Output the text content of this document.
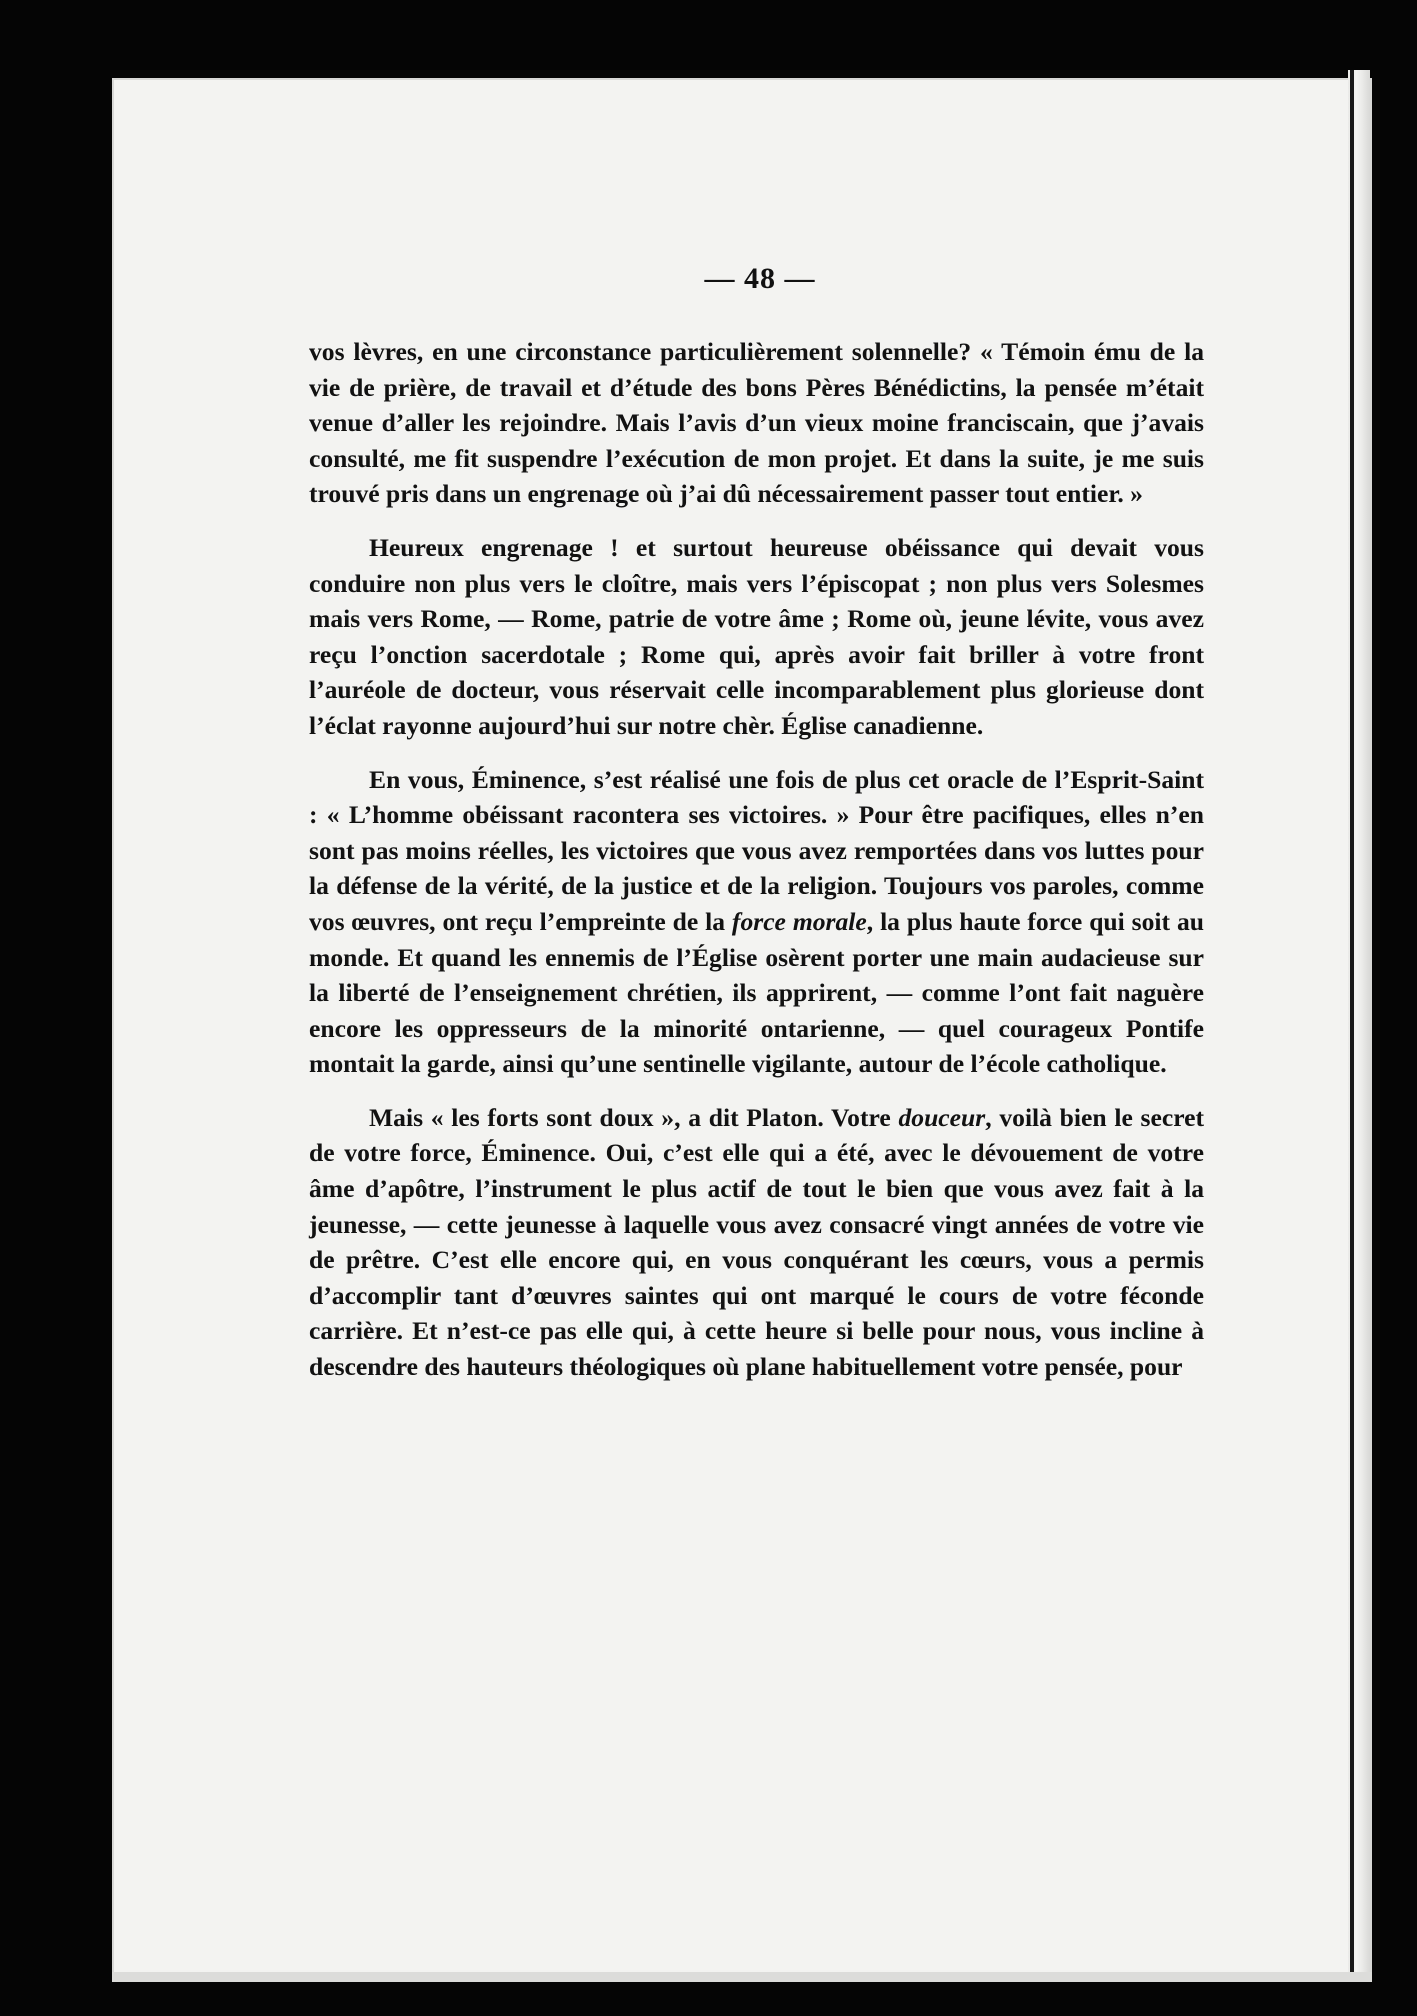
— 48 —

vos lèvres, en une circonstance particulièrement solennelle? « Témoin ému de la vie de prière, de travail et d’étude des bons Pères Bénédictins, la pensée m’était venue d’aller les rejoindre. Mais l’avis d’un vieux moine franciscain, que j’avais consulté, me fit suspendre l’exécution de mon projet. Et dans la suite, je me suis trouvé pris dans un engrenage où j’ai dû nécessairement passer tout entier. »

Heureux engrenage ! et surtout heureuse obéissance qui devait vous conduire non plus vers le cloître, mais vers l’épiscopat ; non plus vers Solesmes mais vers Rome, — Rome, patrie de votre âme ; Rome où, jeune lévite, vous avez reçu l’onction sacerdotale ; Rome qui, après avoir fait briller à votre front l’auréole de docteur, vous réservait celle incomparablement plus glorieuse dont l’éclat rayonne aujourd’hui sur notre chèr. Église canadienne.

En vous, Éminence, s’est réalisé une fois de plus cet oracle de l’Esprit-Saint : « L’homme obéissant racontera ses victoires. » Pour être pacifiques, elles n’en sont pas moins réelles, les victoires que vous avez remportées dans vos luttes pour la défense de la vérité, de la justice et de la religion. Toujours vos paroles, comme vos œuvres, ont reçu l’empreinte de la force morale, la plus haute force qui soit au monde. Et quand les ennemis de l’Église osèrent porter une main audacieuse sur la liberté de l’enseignement chrétien, ils apprirent, — comme l’ont fait naguère encore les oppresseurs de la minorité ontarienne, — quel courageux Pontife montait la garde, ainsi qu’une sentinelle vigilante, autour de l’école catholique.

Mais « les forts sont doux », a dit Platon. Votre douceur, voilà bien le secret de votre force, Éminence. Oui, c’est elle qui a été, avec le dévouement de votre âme d’apôtre, l’instrument le plus actif de tout le bien que vous avez fait à la jeunesse, — cette jeunesse à laquelle vous avez consacré vingt années de votre vie de prêtre. C’est elle encore qui, en vous conquérant les cœurs, vous a permis d’accomplir tant d’œuvres saintes qui ont marqué le cours de votre féconde carrière. Et n’est-ce pas elle qui, à cette heure si belle pour nous, vous incline à descendre des hauteurs théologiques où plane habituellement votre pensée, pour
